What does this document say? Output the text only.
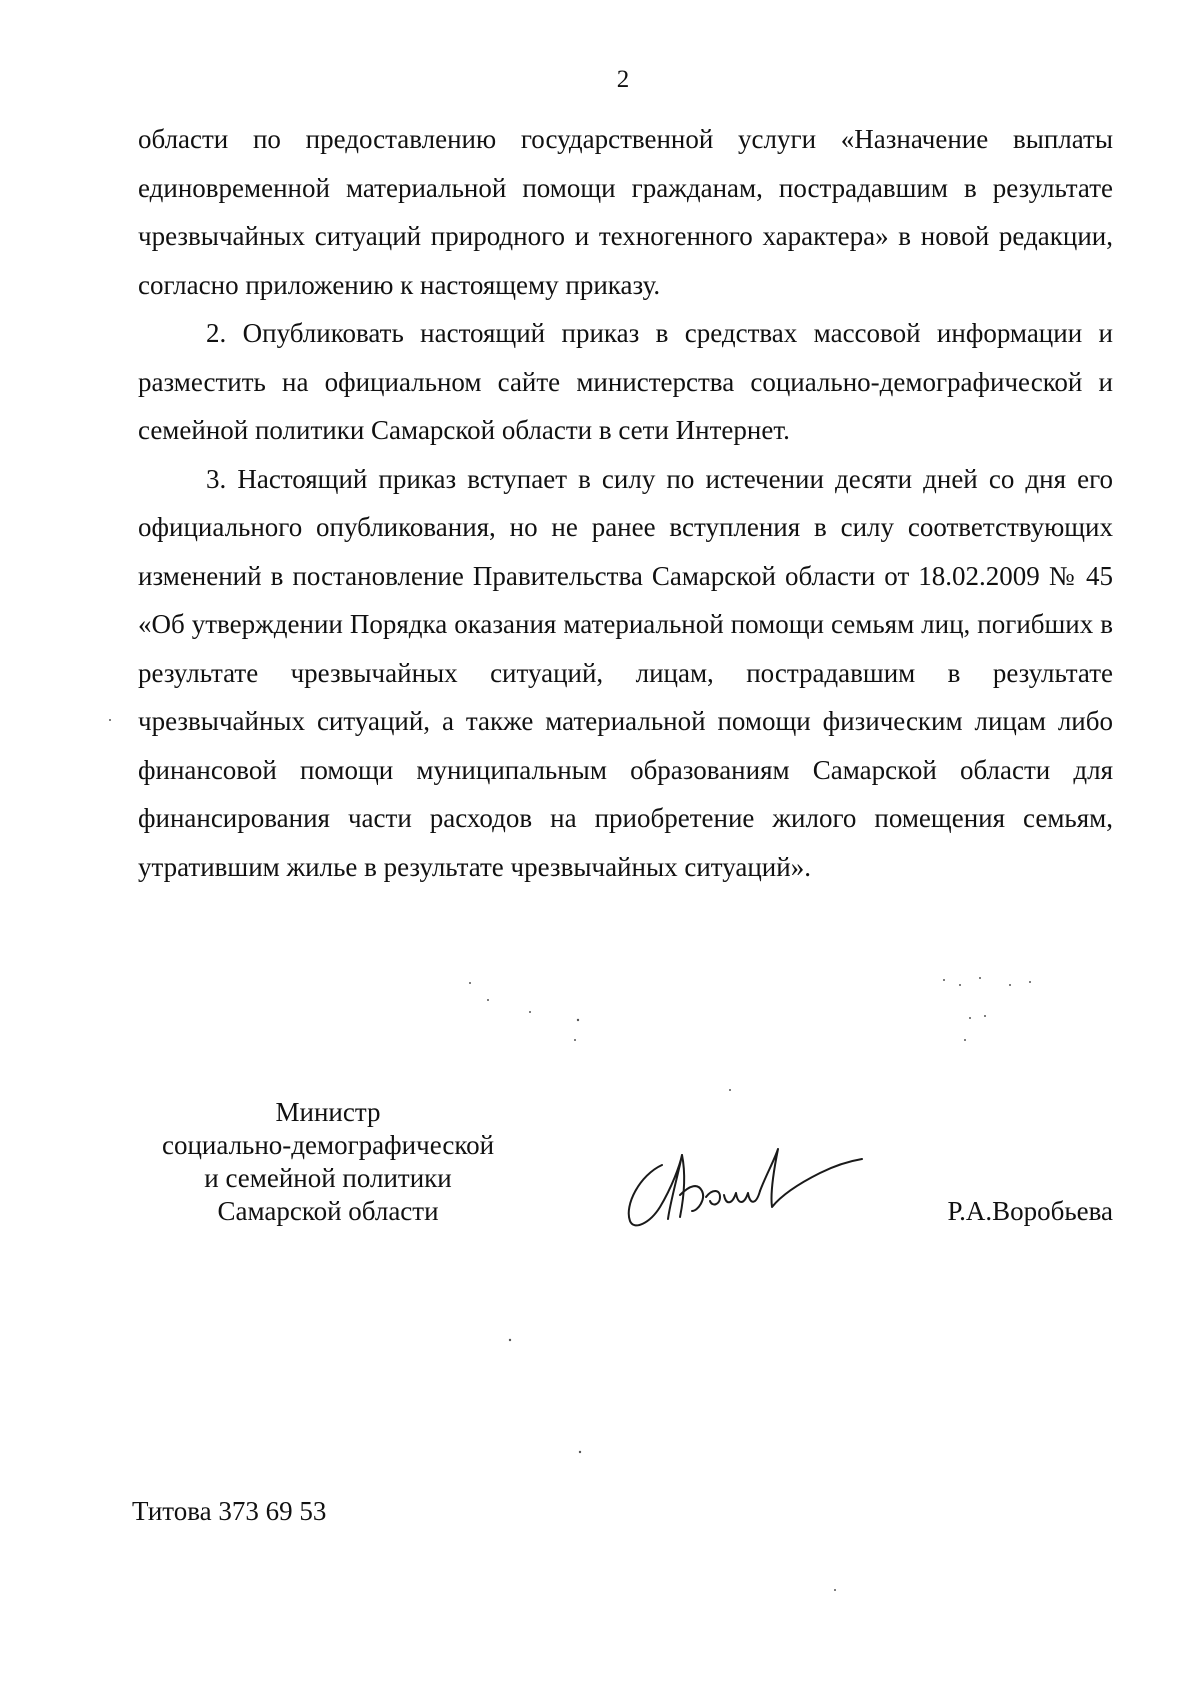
2

области по предоставлению государственной услуги «Назначение выплаты единовременной материальной помощи гражданам, пострадавшим в результате чрезвычайных ситуаций природного и техногенного характера» в новой редакции, согласно приложению к настоящему приказу.

2. Опубликовать настоящий приказ в средствах массовой информации и разместить на официальном сайте министерства социально-демографической и семейной политики Самарской области в сети Интернет.

3. Настоящий приказ вступает в силу по истечении десяти дней со дня его официального опубликования, но не ранее вступления в силу соответствующих изменений в постановление Правительства Самарской области от 18.02.2009 № 45 «Об утверждении Порядка оказания материальной помощи семьям лиц, погибших в результате чрезвычайных ситуаций, лицам, пострадавшим в результате чрезвычайных ситуаций, а также материальной помощи физическим лицам либо финансовой помощи муниципальным образованиям Самарской области для финансирования части расходов на приобретение жилого помещения семьям, утратившим жилье в результате чрезвычайных ситуаций».

Министр
социально-демографической
и семейной политики
Самарской области	Р.А.Воробьева
Титова 373 69 53
